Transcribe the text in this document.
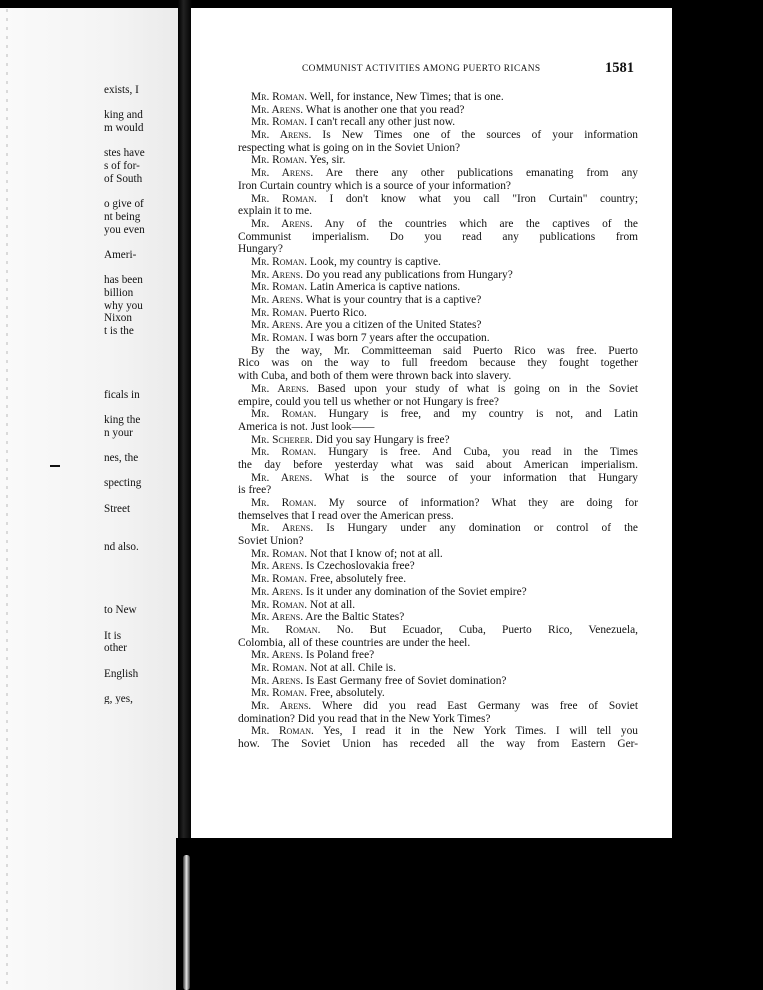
exists, I
king and
m would
stes have
s of for-
of South
o give of
nt being
you even
Ameri-
has been
billion
why you
Nixon
t is the
ficals in
king the
n your
nes, the
specting
Street
nd also.
to New
It is
other
English
g, yes,
COMMUNIST ACTIVITIES AMONG PUERTO RICANS	1581
Mr. Roman. Well, for instance, New Times; that is one.
Mr. Arens. What is another one that you read?
Mr. Roman. I can't recall any other just now.
Mr. Arens. Is New Times one of the sources of your information
respecting what is going on in the Soviet Union?
Mr. Roman. Yes, sir.
Mr. Arens. Are there any other publications emanating from any
Iron Curtain country which is a source of your information?
Mr. Roman. I don't know what you call "Iron Curtain" country;
explain it to me.
Mr. Arens. Any of the countries which are the captives of the
Communist imperialism. Do you read any publications from
Hungary?
Mr. Roman. Look, my country is captive.
Mr. Arens. Do you read any publications from Hungary?
Mr. Roman. Latin America is captive nations.
Mr. Arens. What is your country that is a captive?
Mr. Roman. Puerto Rico.
Mr. Arens. Are you a citizen of the United States?
Mr. Roman. I was born 7 years after the occupation.
By the way, Mr. Committeeman said Puerto Rico was free. Puerto
Rico was on the way to full freedom because they fought together
with Cuba, and both of them were thrown back into slavery.
Mr. Arens. Based upon your study of what is going on in the Soviet
empire, could you tell us whether or not Hungary is free?
Mr. Roman. Hungary is free, and my country is not, and Latin
America is not. Just look——
Mr. Scherer. Did you say Hungary is free?
Mr. Roman. Hungary is free. And Cuba, you read in the Times
the day before yesterday what was said about American imperialism.
Mr. Arens. What is the source of your information that Hungary
is free?
Mr. Roman. My source of information? What they are doing for
themselves that I read over the American press.
Mr. Arens. Is Hungary under any domination or control of the
Soviet Union?
Mr. Roman. Not that I know of; not at all.
Mr. Arens. Is Czechoslovakia free?
Mr. Roman. Free, absolutely free.
Mr. Arens. Is it under any domination of the Soviet empire?
Mr. Roman. Not at all.
Mr. Arens. Are the Baltic States?
Mr. Roman. No. But Ecuador, Cuba, Puerto Rico, Venezuela,
Colombia, all of these countries are under the heel.
Mr. Arens. Is Poland free?
Mr. Roman. Not at all. Chile is.
Mr. Arens. Is East Germany free of Soviet domination?
Mr. Roman. Free, absolutely.
Mr. Arens. Where did you read East Germany was free of Soviet
domination? Did you read that in the New York Times?
Mr. Roman. Yes, I read it in the New York Times. I will tell you
how. The Soviet Union has receded all the way from Eastern Ger-
